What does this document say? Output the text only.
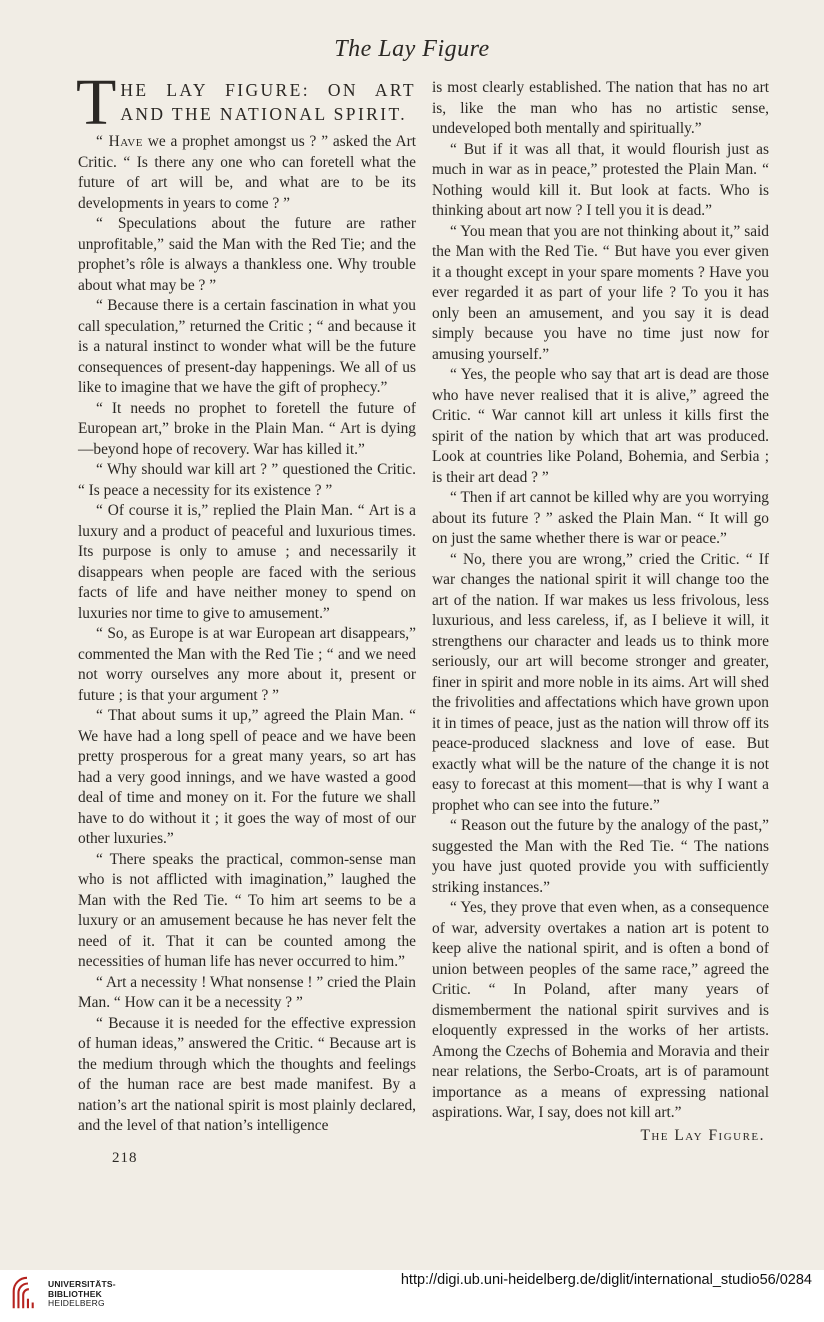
The Lay Figure
T HE LAY FIGURE: ON ART AND THE NATIONAL SPIRIT.

“ Have we a prophet amongst us ? ” asked the Art Critic. “ Is there any one who can foretell what the future of art will be, and what are to be its developments in years to come ? ”

“ Speculations about the future are rather unprofitable,” said the Man with the Red Tie; and the prophet’s rôle is always a thankless one. Why trouble about what may be ? ”

“ Because there is a certain fascination in what you call speculation,” returned the Critic ; “ and because it is a natural instinct to wonder what will be the future consequences of present-day happenings. We all of us like to imagine that we have the gift of prophecy.”

“ It needs no prophet to foretell the future of European art,” broke in the Plain Man. “ Art is dying—beyond hope of recovery. War has killed it.”

“ Why should war kill art ? ” questioned the Critic. “ Is peace a necessity for its existence ? ”

“ Of course it is,” replied the Plain Man. “ Art is a luxury and a product of peaceful and luxurious times. Its purpose is only to amuse ; and necessarily it disappears when people are faced with the serious facts of life and have neither money to spend on luxuries nor time to give to amusement.”

“ So, as Europe is at war European art disappears,” commented the Man with the Red Tie ; “ and we need not worry ourselves any more about it, present or future ; is that your argument ? ”

“ That about sums it up,” agreed the Plain Man. “ We have had a long spell of peace and we have been pretty prosperous for a great many years, so art has had a very good innings, and we have wasted a good deal of time and money on it. For the future we shall have to do without it ; it goes the way of most of our other luxuries.”

“ There speaks the practical, common-sense man who is not afflicted with imagination,” laughed the Man with the Red Tie. “ To him art seems to be a luxury or an amusement because he has never felt the need of it. That it can be counted among the necessities of human life has never occurred to him.”

“ Art a necessity ! What nonsense ! ” cried the Plain Man. “ How can it be a necessity ? ”

“ Because it is needed for the effective expression of human ideas,” answered the Critic. “ Because art is the medium through which the thoughts and feelings of the human race are best made manifest. By a nation’s art the national spirit is most plainly declared, and the level of that nation’s intelligence

is most clearly established. The nation that has no art is, like the man who has no artistic sense, undeveloped both mentally and spiritually.”

“ But if it was all that, it would flourish just as much in war as in peace,” protested the Plain Man. “ Nothing would kill it. But look at facts. Who is thinking about art now ? I tell you it is dead.”

“ You mean that you are not thinking about it,” said the Man with the Red Tie. “ But have you ever given it a thought except in your spare moments ? Have you ever regarded it as part of your life ? To you it has only been an amusement, and you say it is dead simply because you have no time just now for amusing yourself.”

“ Yes, the people who say that art is dead are those who have never realised that it is alive,” agreed the Critic. “ War cannot kill art unless it kills first the spirit of the nation by which that art was produced. Look at countries like Poland, Bohemia, and Serbia ; is their art dead ? ”

“ Then if art cannot be killed why are you worrying about its future ? ” asked the Plain Man. “ It will go on just the same whether there is war or peace.”

“ No, there you are wrong,” cried the Critic. “ If war changes the national spirit it will change too the art of the nation. If war makes us less frivolous, less luxurious, and less careless, if, as I believe it will, it strengthens our character and leads us to think more seriously, our art will become stronger and greater, finer in spirit and more noble in its aims. Art will shed the frivolities and affectations which have grown upon it in times of peace, just as the nation will throw off its peace-produced slackness and love of ease. But exactly what will be the nature of the change it is not easy to forecast at this moment—that is why I want a prophet who can see into the future.”

“ Reason out the future by the analogy of the past,” suggested the Man with the Red Tie. “ The nations you have just quoted provide you with sufficiently striking instances.”

“ Yes, they prove that even when, as a consequence of war, adversity overtakes a nation art is potent to keep alive the national spirit, and is often a bond of union between peoples of the same race,” agreed the Critic. “ In Poland, after many years of dismemberment the national spirit survives and is eloquently expressed in the works of her artists. Among the Czechs of Bohemia and Moravia and their near relations, the Serbo-Croats, art is of paramount importance as a means of expressing national aspirations. War, I say, does not kill art.”

The Lay Figure.
218
UNIVERSITÄTS-
BIBLIOTHEK
HEIDELBERG
http://digi.ub.uni-heidelberg.de/diglit/international_studio56/0284
